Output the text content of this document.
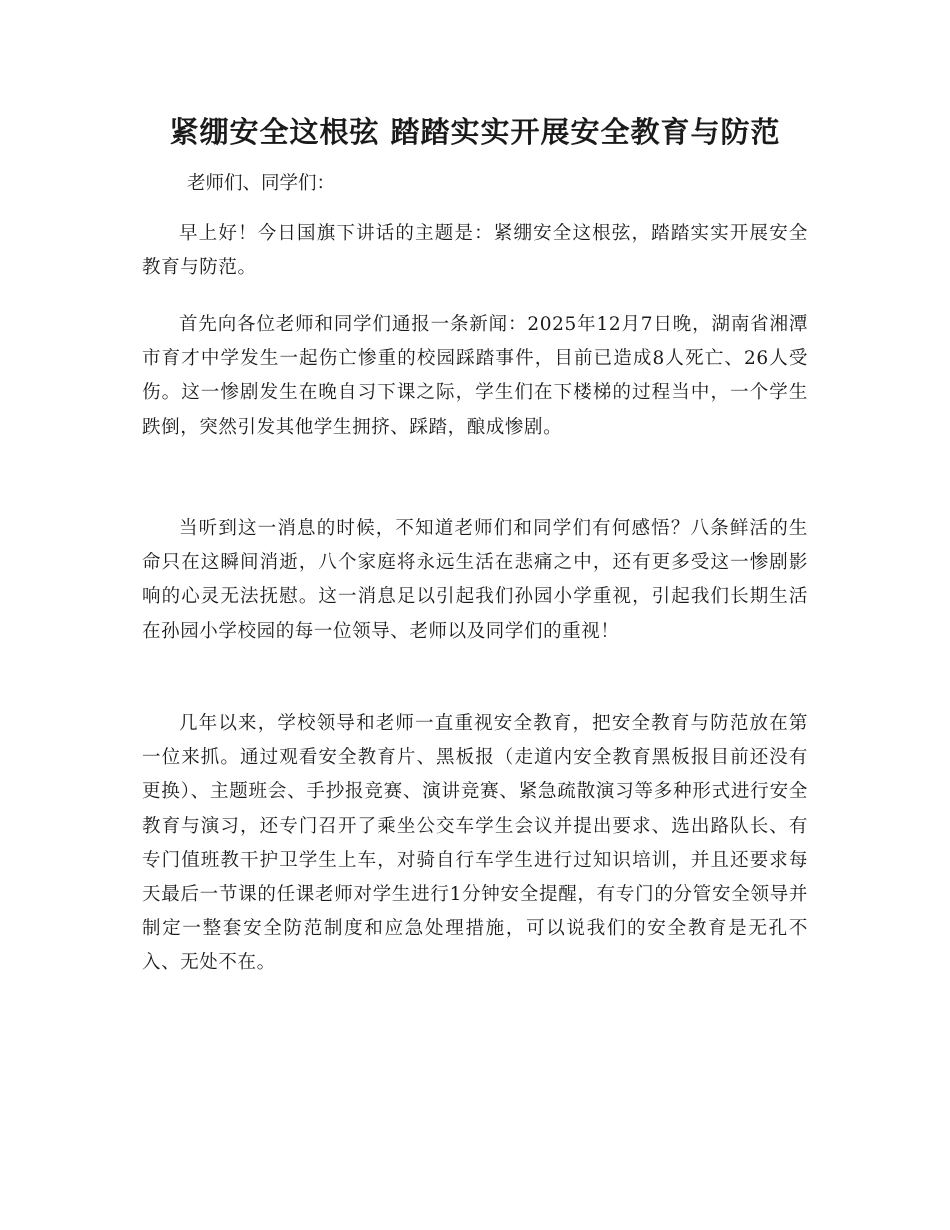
紧绷安全这根弦 踏踏实实开展安全教育与防范

老师们、同学们：

早上好！今日国旗下讲话的主题是：紧绷安全这根弦，踏踏实实开展安全教育与防范。

首先向各位老师和同学们通报一条新闻：2025年12月7日晚，湖南省湘潭市育才中学发生一起伤亡惨重的校园踩踏事件，目前已造成8人死亡、26人受伤。这一惨剧发生在晚自习下课之际，学生们在下楼梯的过程当中，一个学生跌倒，突然引发其他学生拥挤、踩踏，酿成惨剧。

当听到这一消息的时候，不知道老师们和同学们有何感悟？八条鲜活的生命只在这瞬间消逝，八个家庭将永远生活在悲痛之中，还有更多受这一惨剧影响的心灵无法抚慰。这一消息足以引起我们孙园小学重视，引起我们长期生活在孙园小学校园的每一位领导、老师以及同学们的重视！

几年以来，学校领导和老师一直重视安全教育，把安全教育与防范放在第一位来抓。通过观看安全教育片、黑板报（走道内安全教育黑板报目前还没有更换）、主题班会、手抄报竞赛、演讲竞赛、紧急疏散演习等多种形式进行安全教育与演习，还专门召开了乘坐公交车学生会议并提出要求、选出路队长、有专门值班教干护卫学生上车，对骑自行车学生进行过知识培训，并且还要求每天最后一节课的任课老师对学生进行1分钟安全提醒，有专门的分管安全领导并制定一整套安全防范制度和应急处理措施，可以说我们的安全教育是无孔不入、无处不在。
